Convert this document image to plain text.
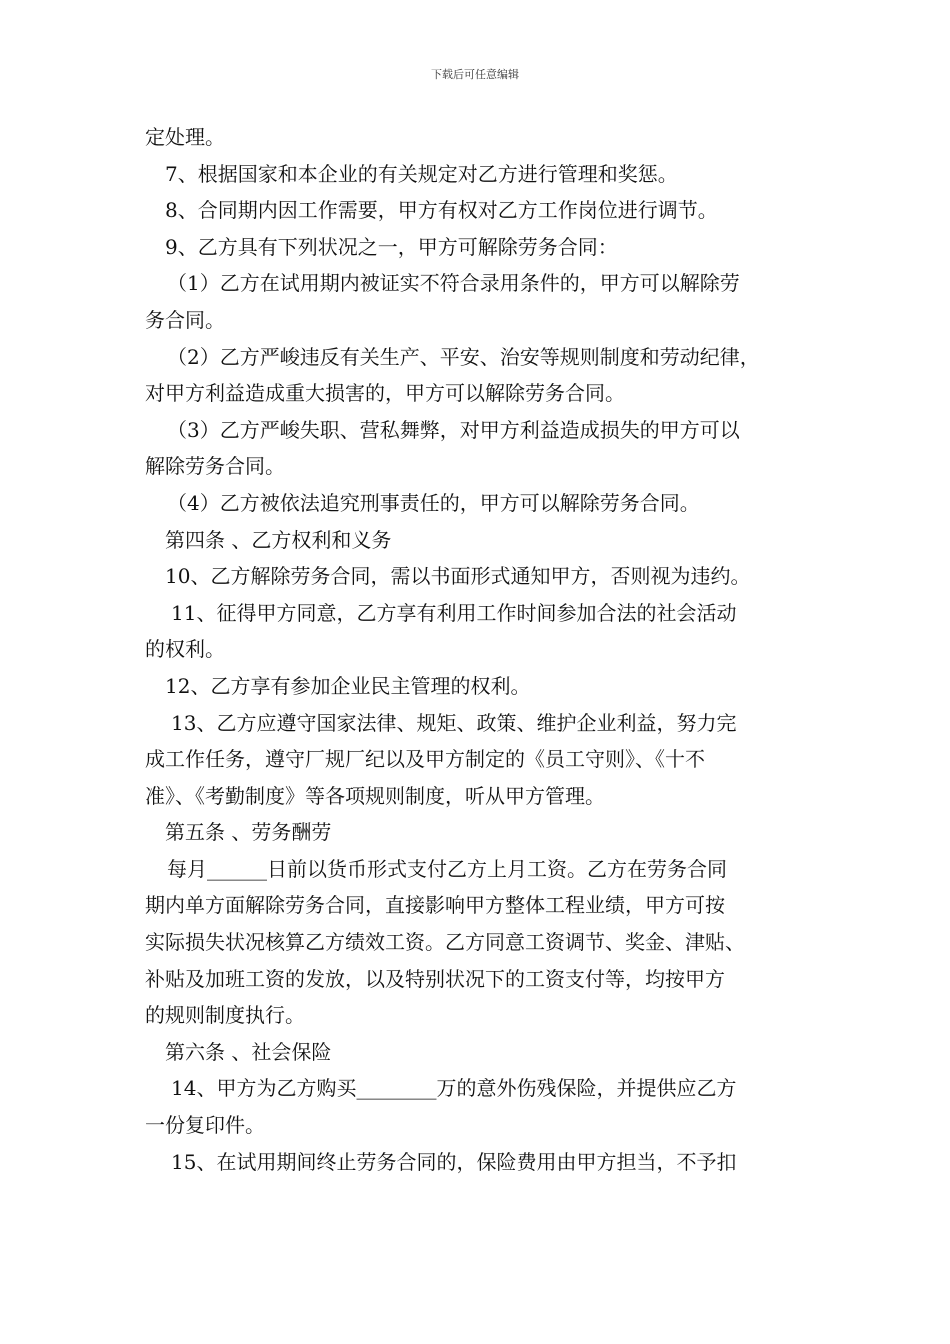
下载后可任意编辑
定处理。
7、根据国家和本企业的有关规定对乙方进行管理和奖惩。
8、合同期内因工作需要，甲方有权对乙方工作岗位进行调节。
9、乙方具有下列状况之一，甲方可解除劳务合同：
（1）乙方在试用期内被证实不符合录用条件的，甲方可以解除劳
务合同。
（2）乙方严峻违反有关生产、平安、治安等规则制度和劳动纪律，
对甲方利益造成重大损害的，甲方可以解除劳务合同。
（3）乙方严峻失职、营私舞弊，对甲方利益造成损失的甲方可以
解除劳务合同。
（4）乙方被依法追究刑事责任的，甲方可以解除劳务合同。
第四条 、乙方权利和义务
10、乙方解除劳务合同，需以书面形式通知甲方，否则视为违约。
11、征得甲方同意，乙方享有利用工作时间参加合法的社会活动
的权利。
12、乙方享有参加企业民主管理的权利。
13、乙方应遵守国家法律、规矩、政策、维护企业利益，努力完
成工作任务，遵守厂规厂纪以及甲方制定的《员工守则》、《十不
准》、《考勤制度》等各项规则制度，听从甲方管理。
第五条 、劳务酬劳
每月______日前以货币形式支付乙方上月工资。乙方在劳务合同
期内单方面解除劳务合同，直接影响甲方整体工程业绩，甲方可按
实际损失状况核算乙方绩效工资。乙方同意工资调节、奖金、津贴、
补贴及加班工资的发放，以及特别状况下的工资支付等，均按甲方
的规则制度执行。
第六条 、社会保险
14、甲方为乙方购买________万的意外伤残保险，并提供应乙方
一份复印件。
15、在试用期间终止劳务合同的，保险费用由甲方担当，不予扣
